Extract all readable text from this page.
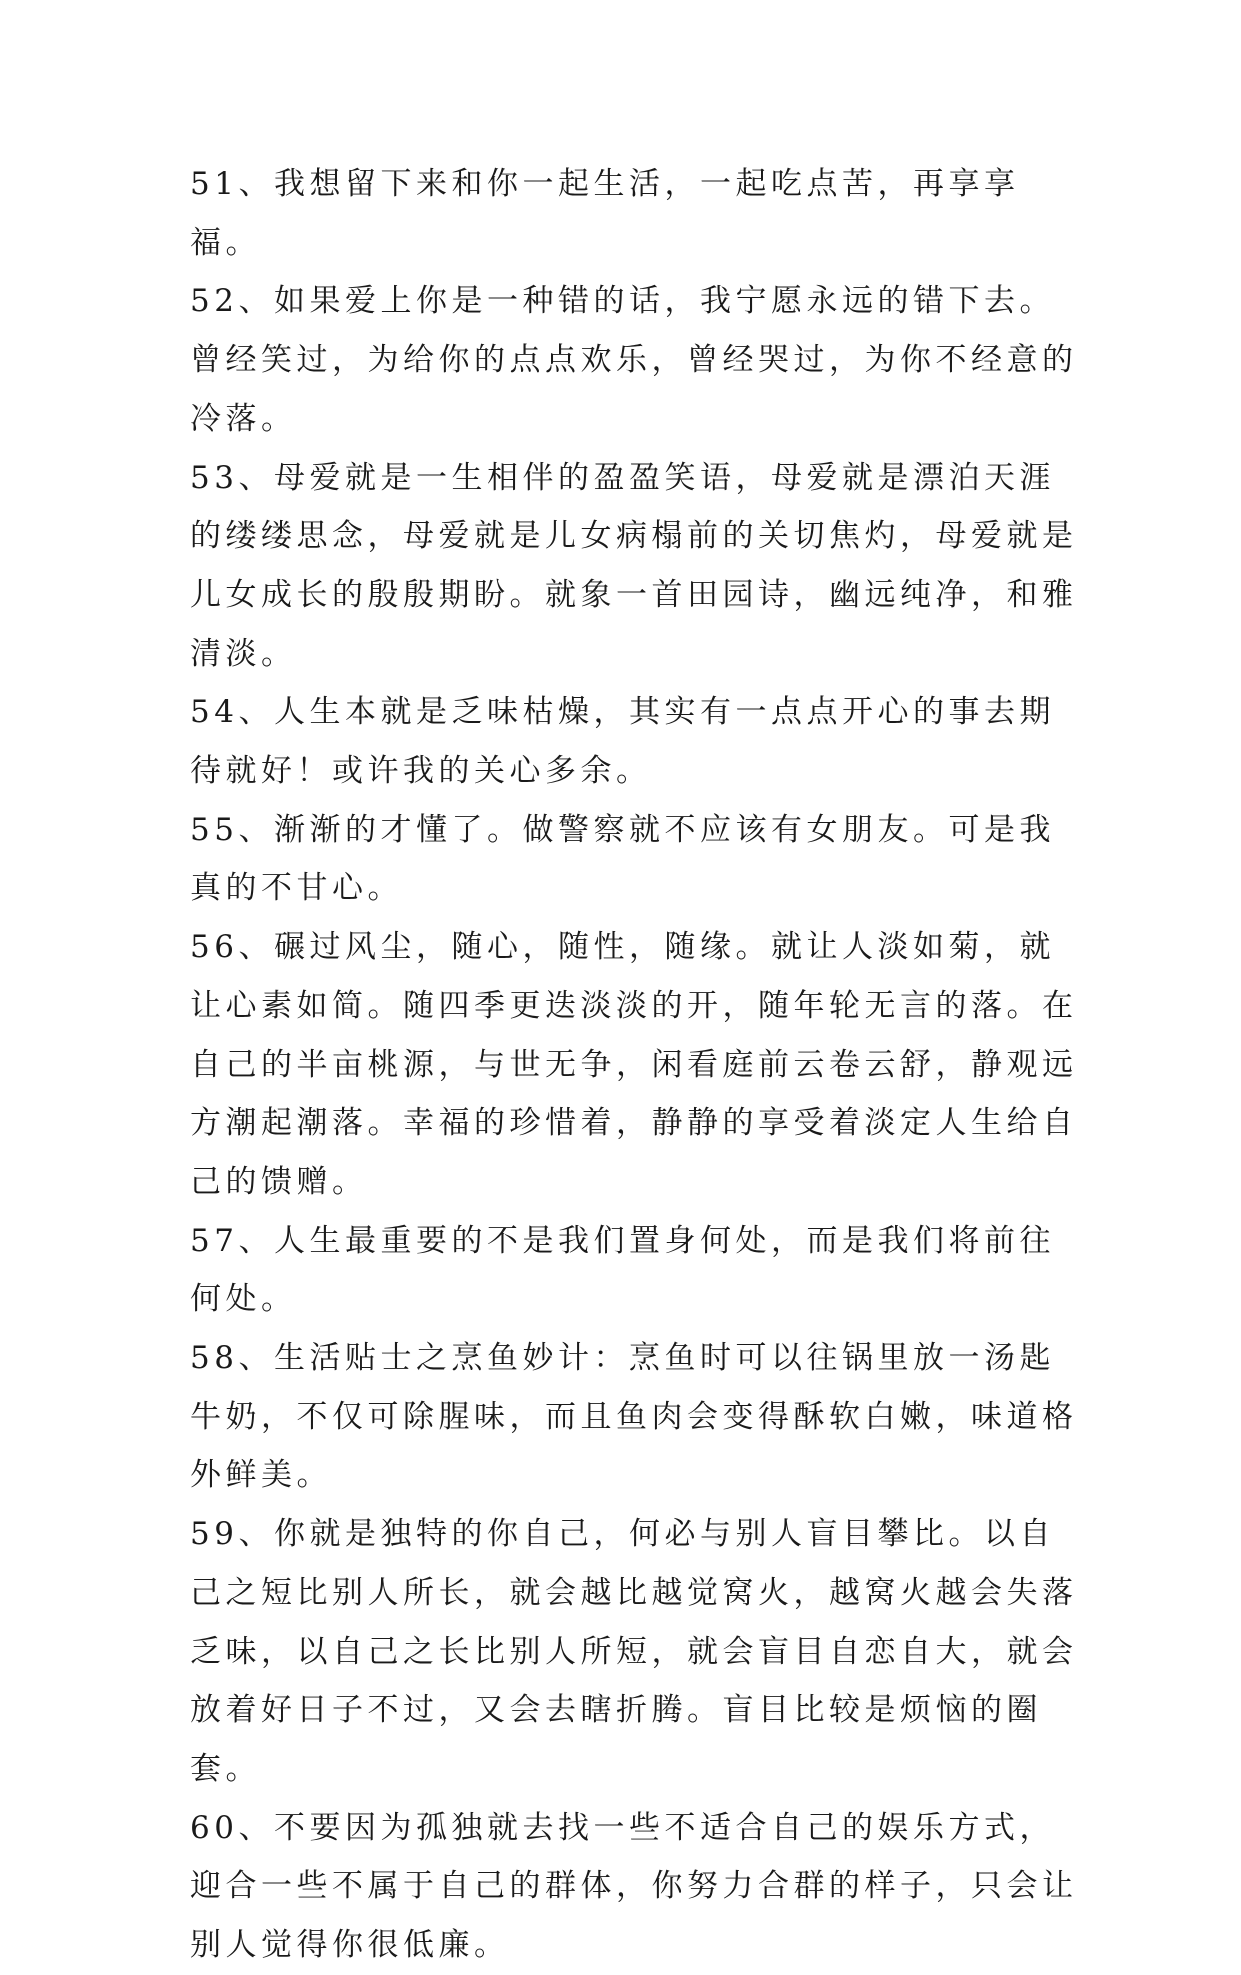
51、我想留下来和你一起生活，一起吃点苦，再享享福。

52、如果爱上你是一种错的话，我宁愿永远的错下去。曾经笑过，为给你的点点欢乐，曾经哭过，为你不经意的冷落。

53、母爱就是一生相伴的盈盈笑语，母爱就是漂泊天涯的缕缕思念，母爱就是儿女病榻前的关切焦灼，母爱就是儿女成长的殷殷期盼。就象一首田园诗，幽远纯净，和雅清淡。

54、人生本就是乏味枯燥，其实有一点点开心的事去期待就好！或许我的关心多余。

55、渐渐的才懂了。做警察就不应该有女朋友。可是我真的不甘心。

56、碾过风尘，随心，随性，随缘。就让人淡如菊，就让心素如简。随四季更迭淡淡的开，随年轮无言的落。在自己的半亩桃源，与世无争，闲看庭前云卷云舒，静观远方潮起潮落。幸福的珍惜着，静静的享受着淡定人生给自己的馈赠。

57、人生最重要的不是我们置身何处，而是我们将前往何处。

58、生活贴士之烹鱼妙计：烹鱼时可以往锅里放一汤匙牛奶，不仅可除腥味，而且鱼肉会变得酥软白嫩，味道格外鲜美。

59、你就是独特的你自己，何必与别人盲目攀比。以自己之短比别人所长，就会越比越觉窝火，越窝火越会失落乏味，以自己之长比别人所短，就会盲目自恋自大，就会放着好日子不过，又会去瞎折腾。盲目比较是烦恼的圈套。

60、不要因为孤独就去找一些不适合自己的娱乐方式，迎合一些不属于自己的群体，你努力合群的样子，只会让别人觉得你很低廉。
